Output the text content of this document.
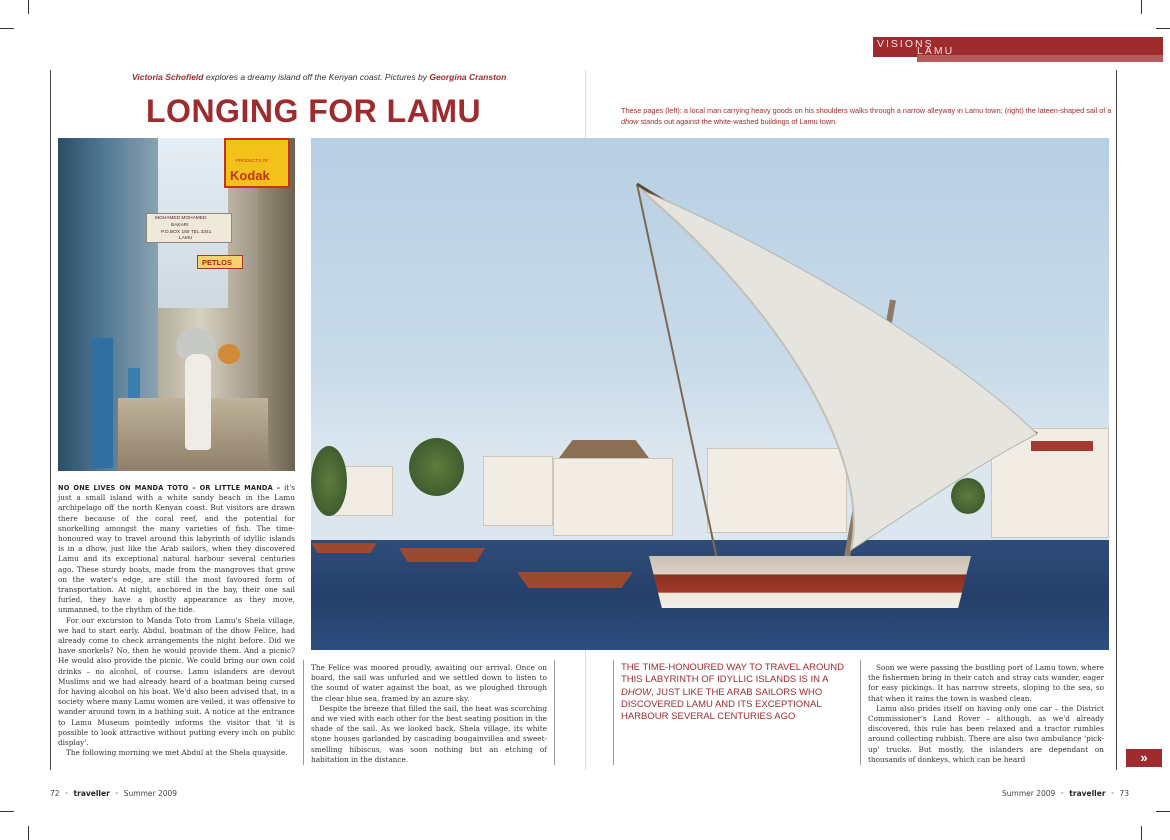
VISIONS
LAMU
Victoria Schofield explores a dreamy island off the Kenyan coast. Pictures by Georgina Cranston
LONGING FOR LAMU	These pages (left): a local man carrying heavy goods on his shoulders walks through a narrow alleyway in Lamu town; (right) the lateen-shaped sail of a dhow stands out against the white-washed buildings of Lamu town.
PRODUCTS OF
Kodak
MOHAMED MOHAMED
BAKARI
P.O.BOX 180 TEL 3341
LAMU
PETLOS

NO ONE LIVES ON MANDA TOTO – OR LITTLE MANDA – it's just a small island with a white sandy beach in the Lamu archipelago off the north Kenyan coast. But visitors are drawn there because of the coral reef, and the potential for snorkelling amongst the many varieties of fish. The time-honoured way to travel around this labyrinth of idyllic islands is in a dhow, just like the Arab sailors, when they discovered Lamu and its exceptional natural harbour several centuries ago. These sturdy boats, made from the mangroves that grow on the water's edge, are still the most favoured form of transportation. At night, anchored in the bay, their one sail furled, they have a ghostly appearance as they move, unmanned, to the rhythm of the tide.

For our excursion to Manda Toto from Lamu's Shela village, we had to start early. Abdul, boatman of the dhow Felice, had already come to check arrangements the night before. Did we have snorkels? No, then he would provide them. And a picnic? He would also provide the picnic. We could bring our own cold drinks – no alcohol, of course. Lamu islanders are devout Muslims and we had already heard of a boatman being cursed for having alcohol on his boat. We'd also been advised that, in a society where many Lamu women are veiled, it was offensive to wander around town in a bathing suit. A notice at the entrance to Lamu Museum pointedly informs the visitor that 'it is possible to look attractive without putting every inch on public display'.

The following morning we met Abdul at the Shela quayside.

The Felice was moored proudly, awaiting our arrival. Once on board, the sail was unfurled and we settled down to listen to the sound of water against the boat, as we ploughed through the clear blue sea, framed by an azure sky.

Despite the breeze that filled the sail, the heat was scorching and we vied with each other for the best seating position in the shade of the sail. As we looked back, Shela village, its white stone houses garlanded by cascading bougainvillea and sweet-smelling hibiscus, was soon nothing but an etching of habitation in the distance.

THE TIME-HONOURED WAY TO TRAVEL AROUND THIS LABYRINTH OF IDYLLIC ISLANDS IS IN A DHOW, JUST LIKE THE ARAB SAILORS WHO DISCOVERED LAMU AND ITS EXCEPTIONAL HARBOUR SEVERAL CENTURIES AGO

Soon we were passing the bustling port of Lamu town, where the fishermen bring in their catch and stray cats wander, eager for easy pickings. It has narrow streets, sloping to the sea, so that when it rains the town is washed clean.

Lamu also prides itself on having only one car – the District Commissioner's Land Rover – although, as we'd already discovered, this rule has been relaxed and a tractor rumbles around collecting rubbish. There are also two ambulance 'pick-up' trucks. But mostly, the islanders are dependant on thousands of donkeys, which can be heard	»
72  •  traveller  •  Summer 2009	Summer 2009  •  traveller  •  73
